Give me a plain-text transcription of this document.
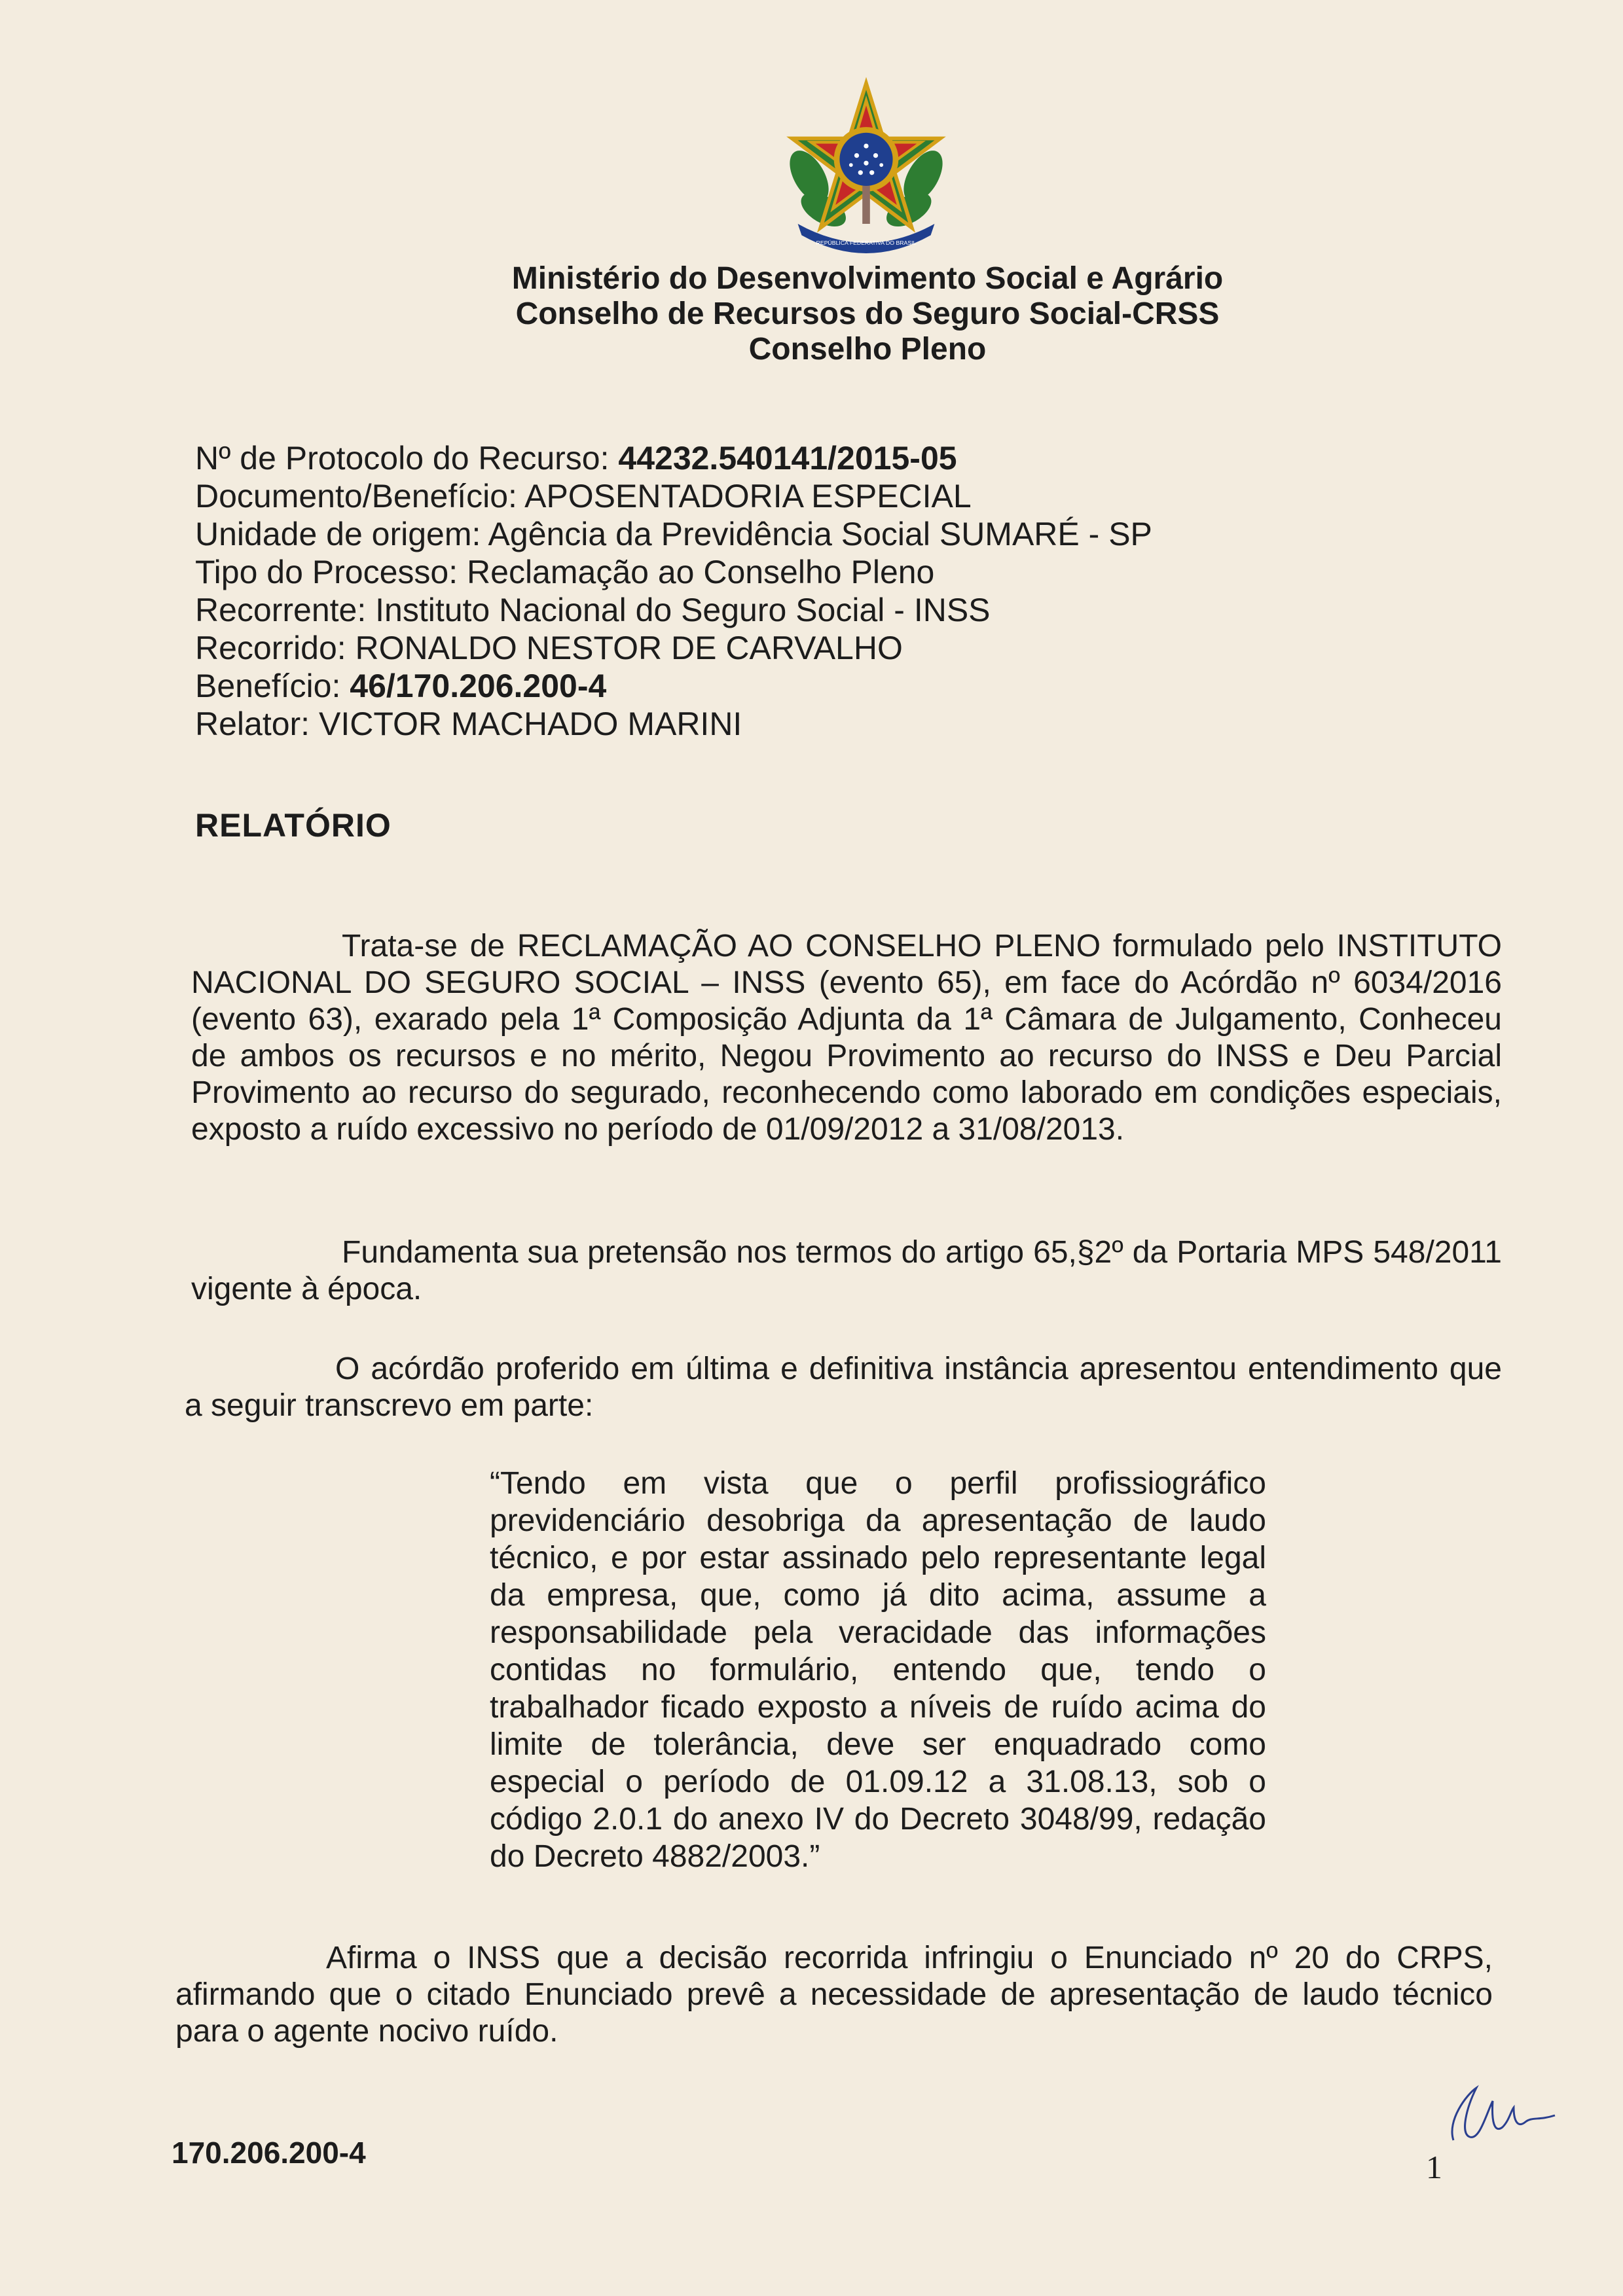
REPÚBLICA FEDERATIVA DO BRASIL
Ministério do Desenvolvimento Social e Agrário
Conselho de Recursos do Seguro Social-CRSS
Conselho Pleno
Nº de Protocolo do Recurso: 44232.540141/2015-05
Documento/Benefício: APOSENTADORIA ESPECIAL
Unidade de origem: Agência da Previdência Social SUMARÉ - SP
Tipo do Processo: Reclamação ao Conselho Pleno
Recorrente: Instituto Nacional do Seguro Social - INSS
Recorrido: RONALDO NESTOR DE CARVALHO
Benefício: 46/170.206.200-4
Relator: VICTOR MACHADO MARINI
RELATÓRIO
Trata-se de RECLAMAÇÃO AO CONSELHO PLENO formulado pelo INSTITUTO NACIONAL DO SEGURO SOCIAL – INSS (evento 65), em face do Acórdão nº 6034/2016 (evento 63), exarado pela 1ª Composição Adjunta da 1ª Câmara de Julgamento, Conheceu de ambos os recursos e no mérito, Negou Provimento ao recurso do INSS e Deu Parcial Provimento ao recurso do segurado, reconhecendo como laborado em condições especiais, exposto a ruído excessivo no período de 01/09/2012 a 31/08/2013.
Fundamenta sua pretensão nos termos do artigo 65,§2º da Portaria MPS 548/2011 vigente à época.
O acórdão proferido em última e definitiva instância apresentou entendimento que a seguir transcrevo em parte:
“Tendo em vista que o perfil profissiográfico previdenciário desobriga da apresentação de laudo técnico, e por estar assinado pelo representante legal da empresa, que, como já dito acima, assume a responsabilidade pela veracidade das informações contidas no formulário, entendo que, tendo o trabalhador ficado exposto a níveis de ruído acima do limite de tolerância, deve ser enquadrado como especial o período de 01.09.12 a 31.08.13, sob o código 2.0.1 do anexo IV do Decreto 3048/99, redação do Decreto 4882/2003.”
Afirma o INSS que a decisão recorrida infringiu o Enunciado nº 20 do CRPS, afirmando que o citado Enunciado prevê a necessidade de apresentação de laudo técnico para o agente nocivo ruído.
170.206.200-4	1
